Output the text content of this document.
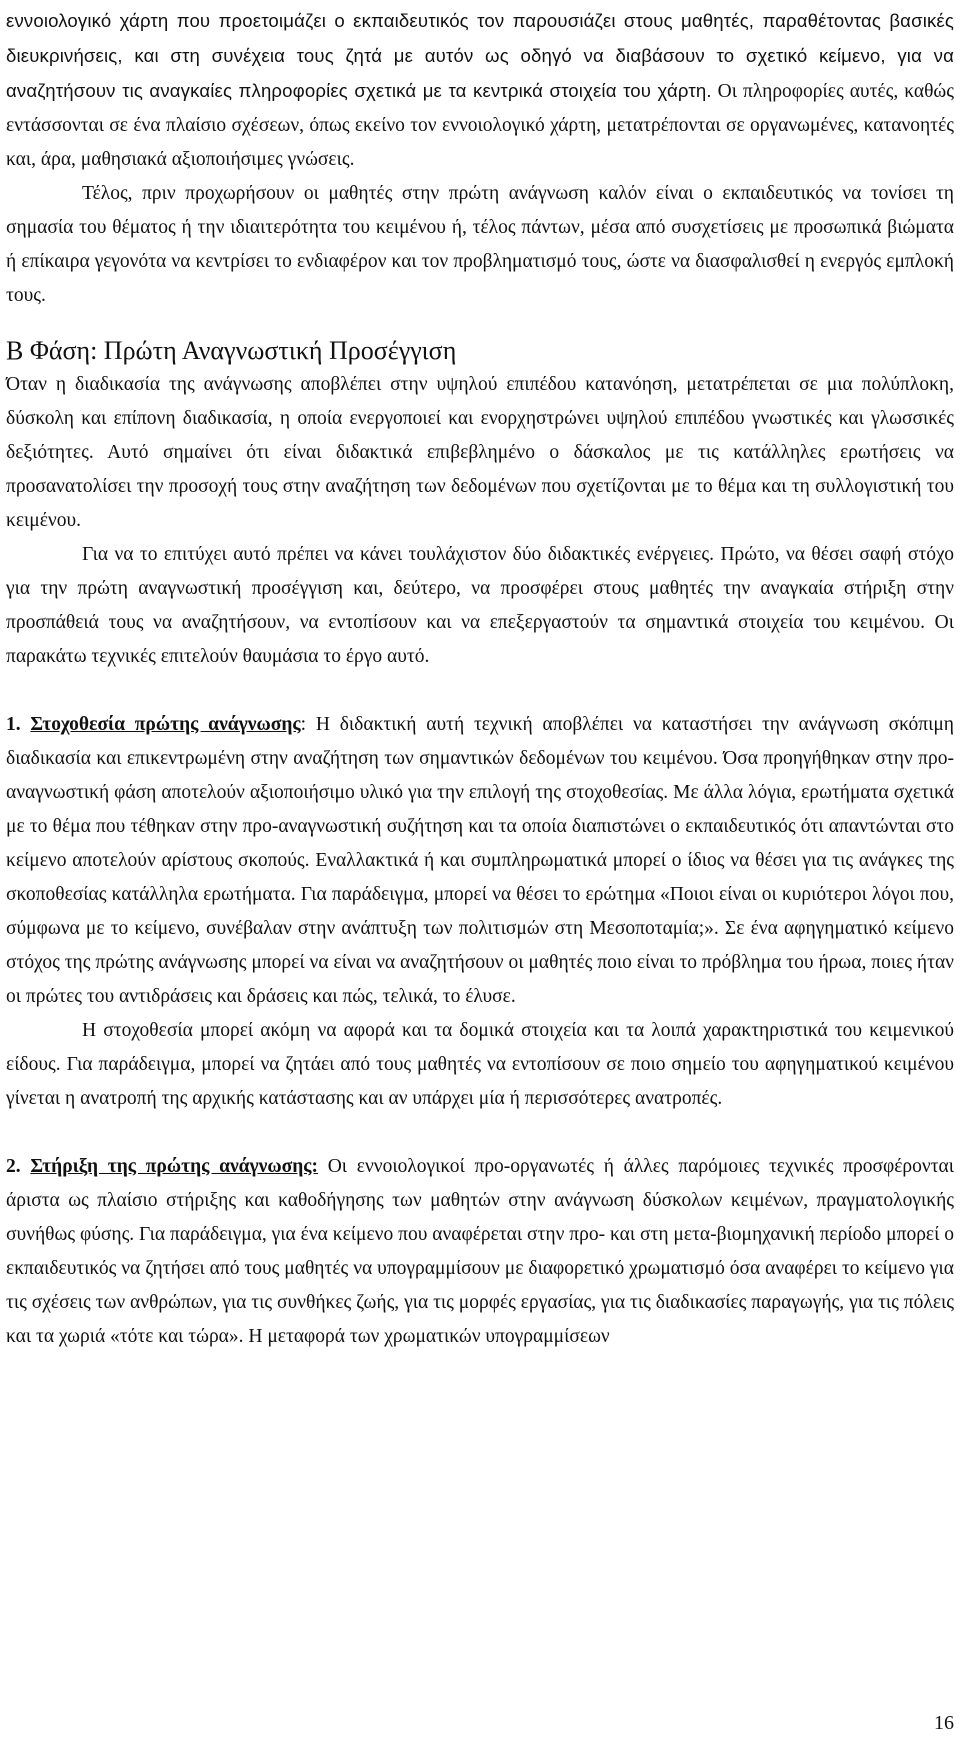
εννοιολογικό χάρτη που προετοιμάζει ο εκπαιδευτικός τον παρουσιάζει στους μαθητές, παραθέτοντας βασικές διευκρινήσεις, και στη συνέχεια τους ζητά με αυτόν ως οδηγό να διαβάσουν το σχετικό κείμενο, για να αναζητήσουν τις αναγκαίες πληροφορίες σχετικά με τα κεντρικά στοιχεία του χάρτη. Οι πληροφορίες αυτές, καθώς εντάσσονται σε ένα πλαίσιο σχέσεων, όπως εκείνο τον εννοιολογικό χάρτη, μετατρέπονται σε οργανωμένες, κατανοητές και, άρα, μαθησιακά αξιοποιήσιμες γνώσεις.

Τέλος, πριν προχωρήσουν οι μαθητές στην πρώτη ανάγνωση καλόν είναι ο εκπαιδευτικός να τονίσει τη σημασία του θέματος ή την ιδιαιτερότητα του κειμένου ή, τέλος πάντων, μέσα από συσχετίσεις με προσωπικά βιώματα ή επίκαιρα γεγονότα να κεντρίσει το ενδιαφέρον και τον προβληματισμό τους, ώστε να διασφαλισθεί η ενεργός εμπλοκή τους.

Β Φάση: Πρώτη Αναγνωστική Προσέγγιση

Όταν η διαδικασία της ανάγνωσης αποβλέπει στην υψηλού επιπέδου κατανόηση, μετατρέπεται σε μια πολύπλοκη, δύσκολη και επίπονη διαδικασία, η οποία ενεργοποιεί και ενορχηστρώνει υψηλού επιπέδου γνωστικές και γλωσσικές δεξιότητες. Αυτό σημαίνει ότι είναι διδακτικά επιβεβλημένο ο δάσκαλος με τις κατάλληλες ερωτήσεις να προσανατολίσει την προσοχή τους στην αναζήτηση των δεδομένων που σχετίζονται με το θέμα και τη συλλογιστική του κειμένου.

Για να το επιτύχει αυτό πρέπει να κάνει τουλάχιστον δύο διδακτικές ενέργειες. Πρώτο, να θέσει σαφή στόχο για την πρώτη αναγνωστική προσέγγιση και, δεύτερο, να προσφέρει στους μαθητές την αναγκαία στήριξη στην προσπάθειά τους να αναζητήσουν, να εντοπίσουν και να επεξεργαστούν τα σημαντικά στοιχεία του κειμένου. Οι παρακάτω τεχνικές επιτελούν θαυμάσια το έργο αυτό.

1. Στοχοθεσία πρώτης ανάγνωσης: Η διδακτική αυτή τεχνική αποβλέπει να καταστήσει την ανάγνωση σκόπιμη διαδικασία και επικεντρωμένη στην αναζήτηση των σημαντικών δεδομένων του κειμένου. Όσα προηγήθηκαν στην προ-αναγνωστική φάση αποτελούν αξιοποιήσιμο υλικό για την επιλογή της στοχοθεσίας. Με άλλα λόγια, ερωτήματα σχετικά με το θέμα που τέθηκαν στην προ-αναγνωστική συζήτηση και τα οποία διαπιστώνει ο εκπαιδευτικός ότι απαντώνται στο κείμενο αποτελούν αρίστους σκοπούς. Εναλλακτικά ή και συμπληρωματικά μπορεί ο ίδιος να θέσει για τις ανάγκες της σκοποθεσίας κατάλληλα ερωτήματα. Για παράδειγμα, μπορεί να θέσει το ερώτημα «Ποιοι είναι οι κυριότεροι λόγοι που, σύμφωνα με το κείμενο, συνέβαλαν στην ανάπτυξη των πολιτισμών στη Μεσοποταμία;». Σε ένα αφηγηματικό κείμενο στόχος της πρώτης ανάγνωσης μπορεί να είναι να αναζητήσουν οι μαθητές ποιο είναι το πρόβλημα του ήρωα, ποιες ήταν οι πρώτες του αντιδράσεις και δράσεις και πώς, τελικά, το έλυσε.

Η στοχοθεσία μπορεί ακόμη να αφορά και τα δομικά στοιχεία και τα λοιπά χαρακτηριστικά του κειμενικού είδους. Για παράδειγμα, μπορεί να ζητάει από τους μαθητές να εντοπίσουν σε ποιο σημείο του αφηγηματικού κειμένου γίνεται η ανατροπή της αρχικής κατάστασης και αν υπάρχει μία ή περισσότερες ανατροπές.

2. Στήριξη της πρώτης ανάγνωσης: Οι εννοιολογικοί προ-οργανωτές ή άλλες παρόμοιες τεχνικές προσφέρονται άριστα ως πλαίσιο στήριξης και καθοδήγησης των μαθητών στην ανάγνωση δύσκολων κειμένων, πραγματολογικής συνήθως φύσης. Για παράδειγμα, για ένα κείμενο που αναφέρεται στην προ- και στη μετα-βιομηχανική περίοδο μπορεί ο εκπαιδευτικός να ζητήσει από τους μαθητές να υπογραμμίσουν με διαφορετικό χρωματισμό όσα αναφέρει το κείμενο για τις σχέσεις των ανθρώπων, για τις συνθήκες ζωής, για τις μορφές εργασίας, για τις διαδικασίες παραγωγής, για τις πόλεις και τα χωριά «τότε και τώρα». Η μεταφορά των χρωματικών υπογραμμίσεων

16
